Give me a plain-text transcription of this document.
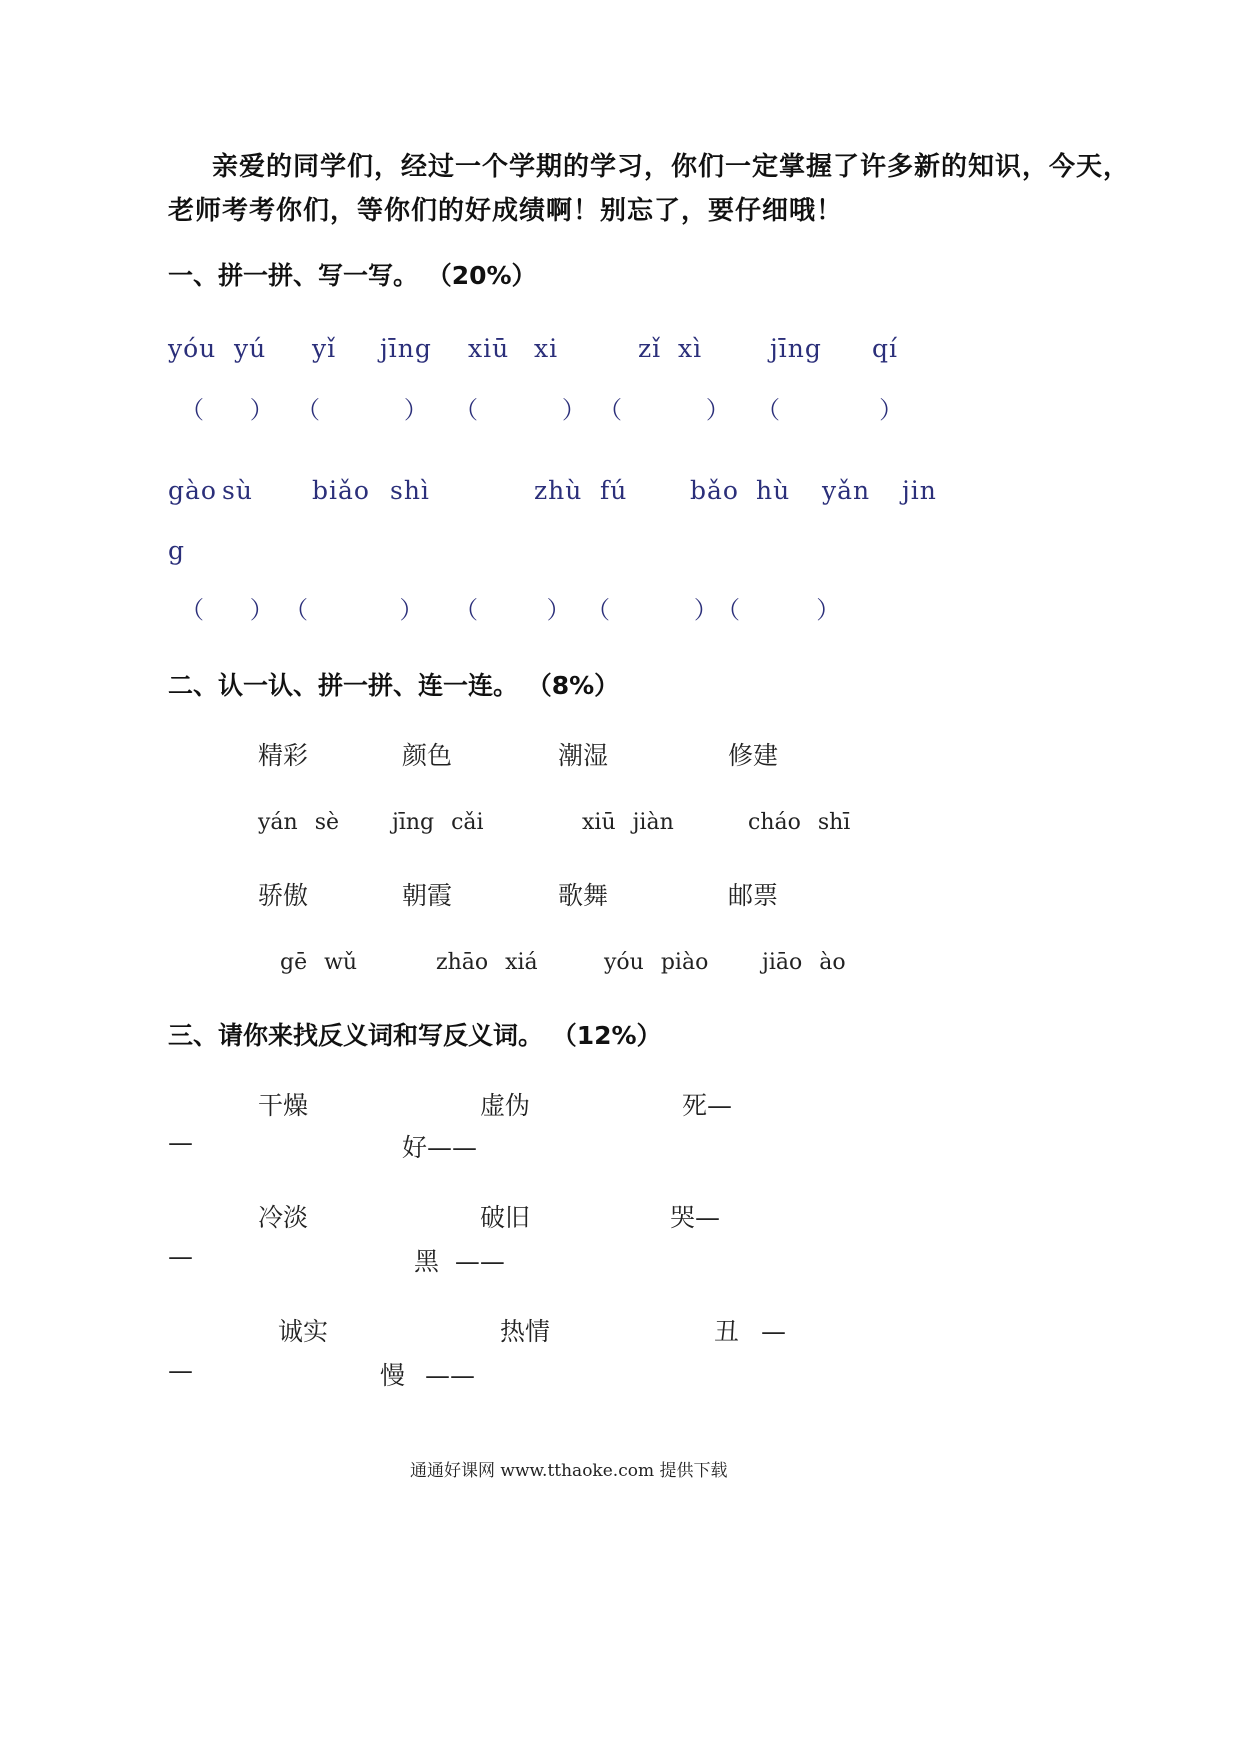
亲爱的同学们，经过一个学期的学习，你们一定掌握了许多新的知识，今天，
老师考考你们，等你们的好成绩啊！别忘了，要仔细哦！
一、拼一拼、写一写。 （20%）
yóu yú yǐ jīng xiū xi	zǐ xì	jīng qí
（      ） （           ） （           ） （           ） （             ）
gào sù biǎo shì	zhù fú	bǎo hù yǎn jin
g
（      ） （            ） （         ） （           ）
（          ）
二、认一认、拼一拼、连一连。 （8%）
精彩	颜色	潮湿	修建
yán sè jīng cǎi	xiū jiàn	cháo shī
骄傲	朝霞	歌舞	邮票
gē wǔ	zhāo xiá	yóu piào jiāo ào
三、请你来找反义词和写反义词。 （12%）
干燥	虚伪	死—
—	好——
冷淡	破旧	哭—
—	黑  ——
诚实	热情	丑 —
—	慢 ——
通通好课网 www.tthaoke.com 提供下载
